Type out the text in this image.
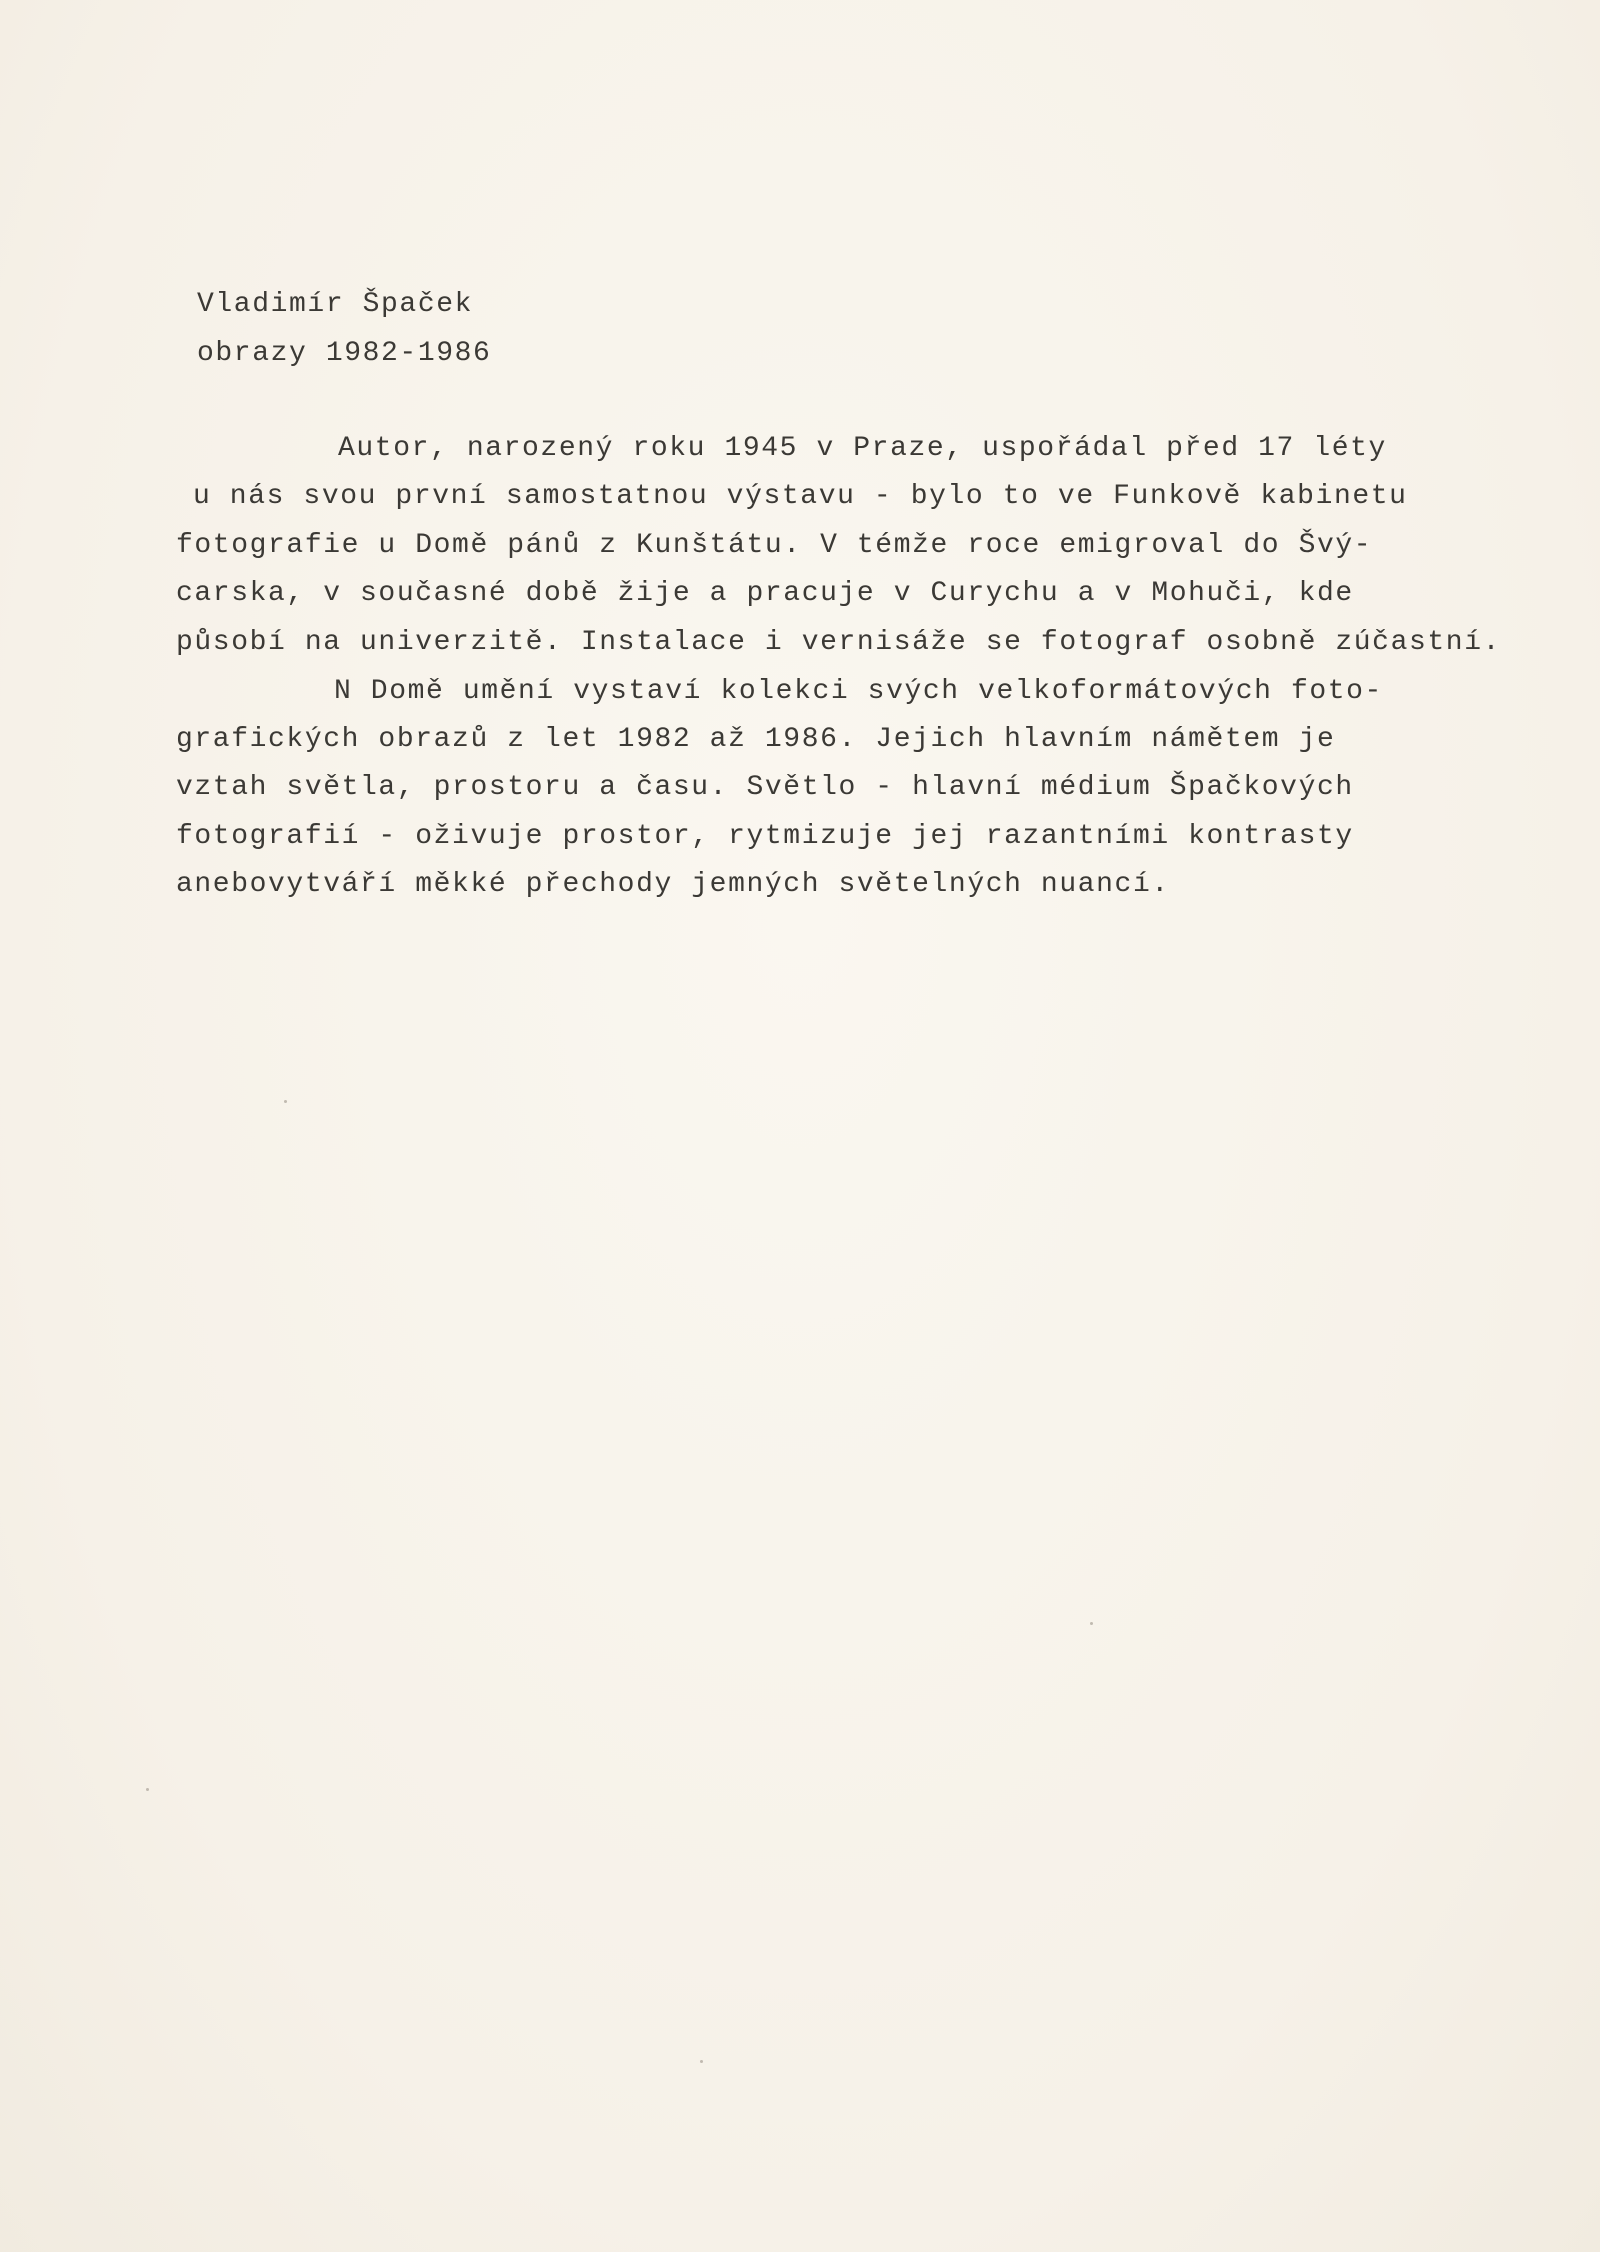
Vladimír Špaček
obrazy 1982-1986
Autor, narozený roku 1945 v Praze, uspořádal před 17 léty
u nás svou první samostatnou výstavu - bylo to ve Funkově kabinetu
fotografie u Domě pánů z Kunštátu. V témže roce emigroval do Švý-
carska, v současné době žije a pracuje v Curychu a v Mohuči, kde
působí na univerzitě. Instalace i vernisáže se fotograf osobně zúčastní.
N Domě umění vystaví kolekci svých velkoformátových foto-
grafických obrazů z let 1982 až 1986. Jejich hlavním námětem je
vztah světla, prostoru a času. Světlo - hlavní médium Špačkových
fotografií - oživuje prostor, rytmizuje jej razantními kontrasty
anebovytváří měkké přechody jemných světelných nuancí.
